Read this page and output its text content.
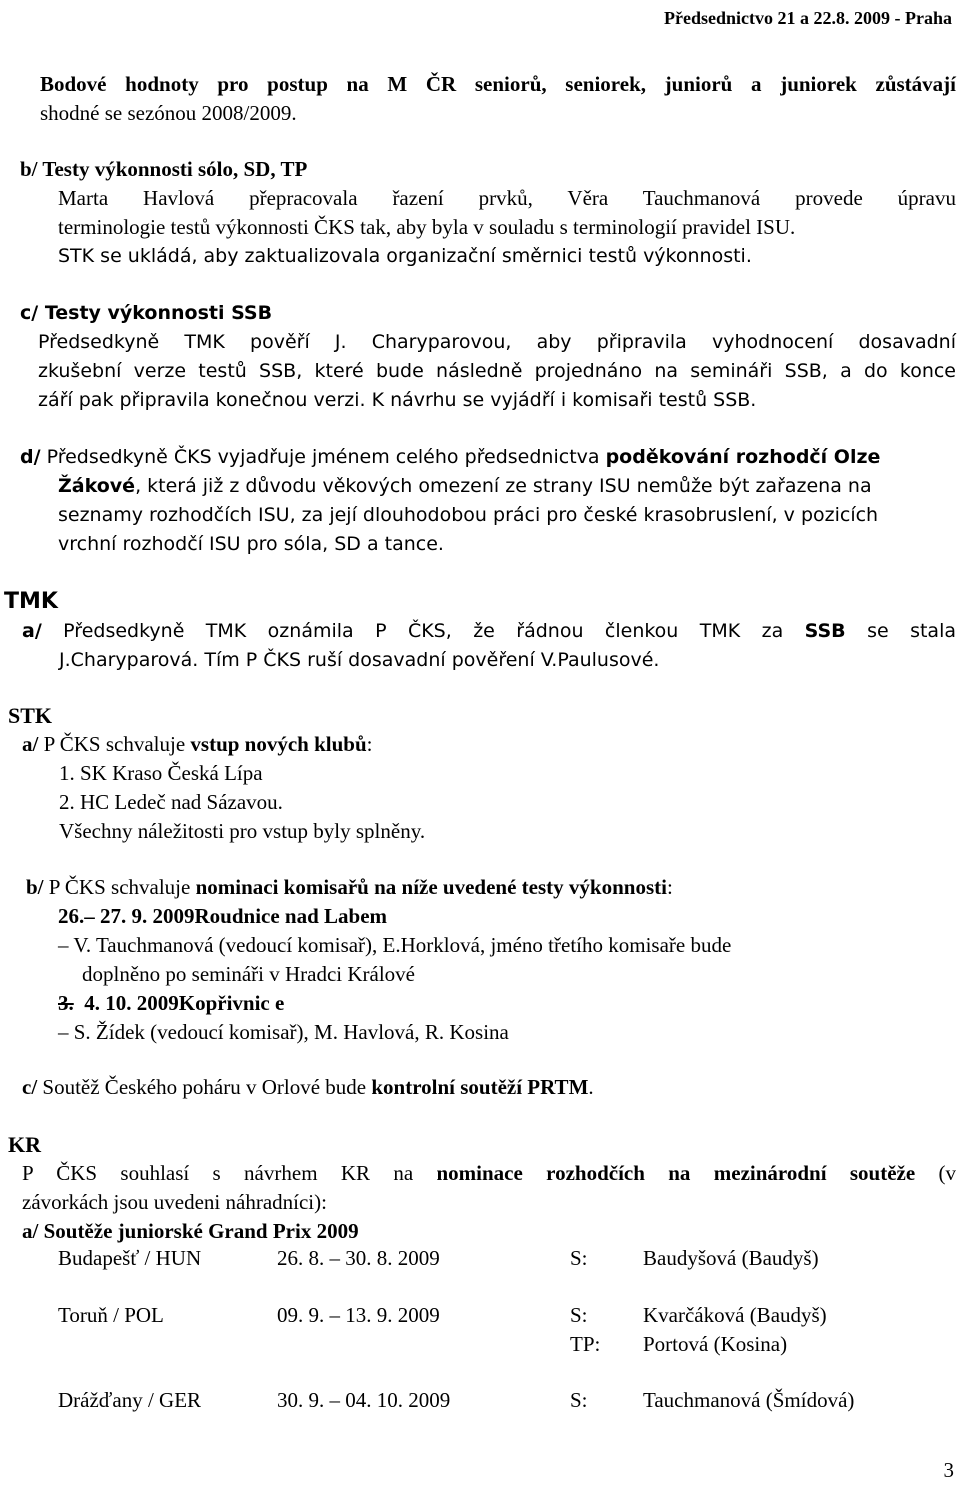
Předsednictvo 21 a 22.8. 2009 - Praha
Bodové hodnoty pro postup na M ČR seniorů, seniorek, juniorů a juniorek zůstávají
shodné se sezónou 2008/2009.
b/ Testy výkonnosti sólo, SD, TP
Marta Havlová přepracovala řazení prvků, Věra Tauchmanová provede úpravu
terminologie testů výkonnosti ČKS tak, aby byla v souladu s terminologií pravidel ISU.
STK se ukládá, aby zaktualizovala organizační směrnici testů výkonnosti.
c/ Testy výkonnosti SSB
Předsedkyně TMK pověří J. Charyparovou, aby připravila vyhodnocení dosavadní
zkušební verze testů SSB, které bude následně projednáno na semináři SSB, a do konce
září pak připravila konečnou verzi. K návrhu se vyjádří i komisaři testů SSB.
d/ Předsedkyně ČKS vyjadřuje jménem celého předsednictva poděkování rozhodčí Olze
Žákové, která již z důvodu věkových omezení ze strany ISU nemůže být zařazena na
seznamy rozhodčích ISU, za její dlouhodobou práci pro české krasobruslení, v pozicích
vrchní rozhodčí ISU pro sóla, SD a tance.
TMK
a/ Předsedkyně TMK oznámila P ČKS, že řádnou členkou TMK za SSB se stala
J.Charyparová. Tím P ČKS ruší dosavadní pověření V.Paulusové.
STK
a/ P ČKS schvaluje vstup nových klubů:
1. SK Kraso Česká Lípa
2. HC Ledeč nad Sázavou.
Všechny náležitosti pro vstup byly splněny.
b/ P ČKS schvaluje nominaci komisařů na níže uvedené testy výkonnosti:
26.– 27. 9. 2009Roudnice nad Labem
– V. Tauchmanová (vedoucí komisař), E.Horklová, jméno třetího komisaře bude
doplněno po semináři v Hradci Králové
3.  4. 10. 2009Kopřivnic e
– S. Žídek (vedoucí komisař), M. Havlová, R. Kosina
c/ Soutěž Českého poháru v Orlové bude kontrolní soutěží PRTM.
KR
P ČKS souhlasí s návrhem KR na nominace rozhodčích na mezinárodní soutěže (v
závorkách jsou uvedeni náhradníci):
a/ Soutěže juniorské Grand Prix 2009
Budapešť / HUN	26. 8. – 30. 8. 2009	S:	Baudyšová (Baudyš)
Toruň / POL	09. 9. – 13. 9. 2009	S:	Kvarčáková (Baudyš)
TP: Portová (Kosina)
Drážďany / GER	30. 9. – 04. 10. 2009	S:	Tauchmanová (Šmídová)
3
